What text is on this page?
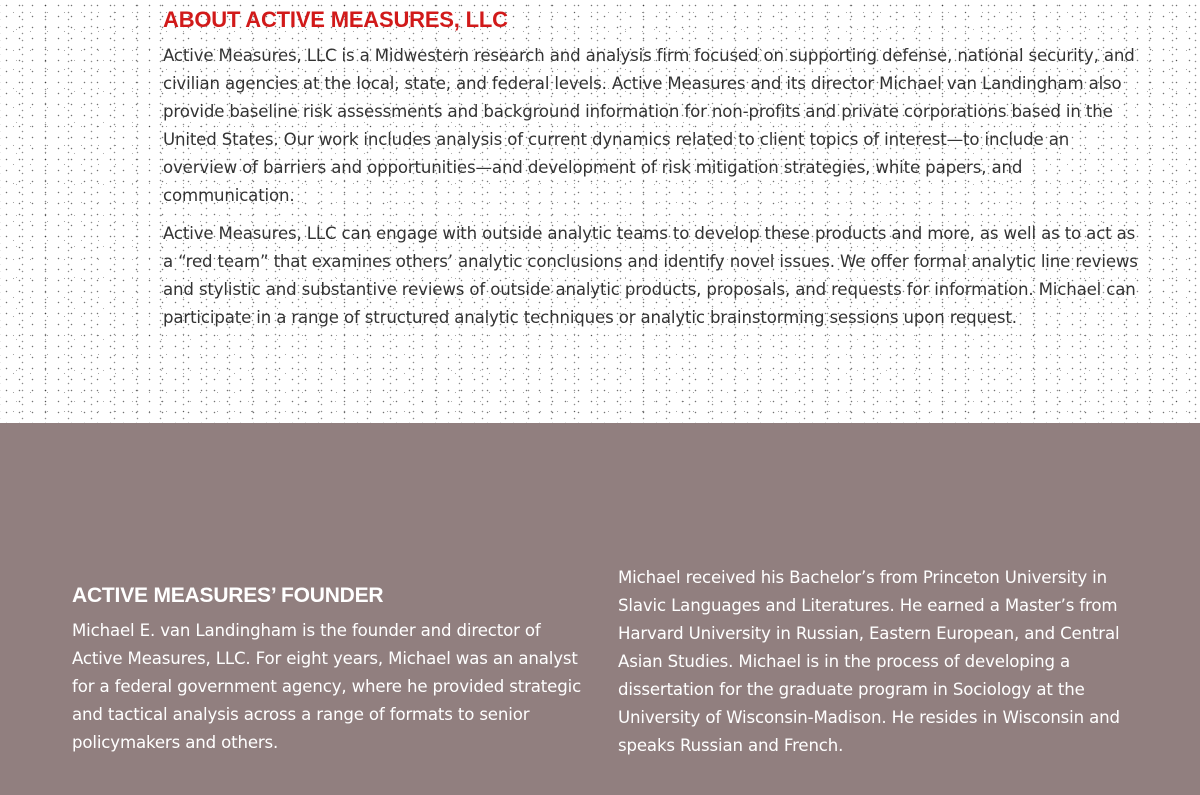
ABOUT ACTIVE MEASURES, LLC

Active Measures, LLC is a Midwestern research and analysis firm focused on supporting defense, national security, and civilian agencies at the local, state, and federal levels. Active Measures and its director Michael van Landingham also provide baseline risk assessments and background information for non-profits and private corporations based in the United States. Our work includes analysis of current dynamics related to client topics of interest—to include an overview of barriers and opportunities—and development of risk mitigation strategies, white papers, and communication.

Active Measures, LLC can engage with outside analytic teams to develop these products and more, as well as to act as a “red team” that examines others’ analytic conclusions and identify novel issues. We offer formal analytic line reviews and stylistic and substantive reviews of outside analytic products, proposals, and requests for information. Michael can participate in a range of structured analytic techniques or analytic brainstorming sessions upon request.

ACTIVE MEASURES’ FOUNDER

Michael E. van Landingham is the founder and director of Active Measures, LLC. For eight years, Michael was an analyst for a federal government agency, where he provided strategic and tactical analysis across a range of formats to senior policymakers and others.

Michael received his Bachelor’s from Princeton University in Slavic Languages and Literatures. He earned a Master’s from Harvard University in Russian, Eastern European, and Central Asian Studies. Michael is in the process of developing a dissertation for the graduate program in Sociology at the University of Wisconsin-Madison. He resides in Wisconsin and speaks Russian and French.
